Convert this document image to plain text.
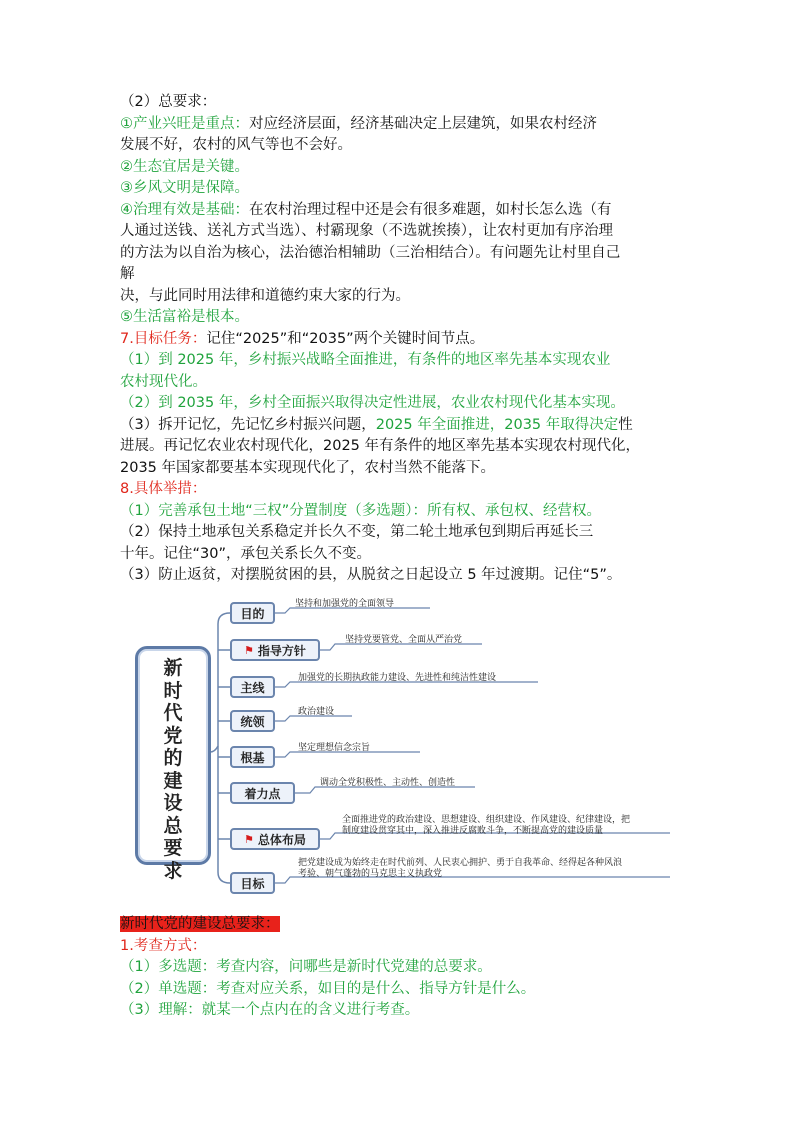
（2）总要求：
①产业兴旺是重点：对应经济层面，经济基础决定上层建筑，如果农村经济
发展不好，农村的风气等也不会好。
②生态宜居是关键。
③乡风文明是保障。
④治理有效是基础：在农村治理过程中还是会有很多难题，如村长怎么选（有
人通过送钱、送礼方式当选）、村霸现象（不选就挨揍），让农村更加有序治理
的方法为以自治为核心，法治德治相辅助（三治相结合）。有问题先让村里自己
解
决，与此同时用法律和道德约束大家的行为。
⑤生活富裕是根本。
7.目标任务：记住“2025”和“2035”两个关键时间节点。
（1）到 2025 年，乡村振兴战略全面推进，有条件的地区率先基本实现农业
农村现代化。
（2）到 2035 年，乡村全面振兴取得决定性进展，农业农村现代化基本实现。
（3）拆开记忆，先记忆乡村振兴问题，2025 年全面推进，2035 年取得决定性
进展。再记忆农业农村现代化，2025 年有条件的地区率先基本实现农村现代化，
2035 年国家都要基本实现现代化了，农村当然不能落下。
8.具体举措：
（1）完善承包土地“三权”分置制度（多选题）：所有权、承包权、经营权。
（2）保持土地承包关系稳定并长久不变，第二轮土地承包到期后再延长三
十年。记住“30”，承包关系长久不变。
（3）防止返贫，对摆脱贫困的县，从脱贫之日起设立 5 年过渡期。记住“5”。
新时代党的建设总要求
目的
坚持和加强党的全面领导
⚑ 指导方针
坚持党要管党、全面从严治党
主线
加强党的长期执政能力建设、先进性和纯洁性建设
统领
政治建设
根基
坚定理想信念宗旨
着力点
调动全党积极性、主动性、创造性
⚑ 总体布局
全面推进党的政治建设、思想建设、组织建设、作风建设、纪律建设，把
制度建设贯穿其中，深入推进反腐败斗争，不断提高党的建设质量
目标
把党建设成为始终走在时代前列、人民衷心拥护、勇于自我革命、经得起各种风浪
考验、朝气蓬勃的马克思主义执政党
新时代党的建设总要求：
1.考查方式：
（1）多选题：考查内容，问哪些是新时代党建的总要求。
（2）单选题：考查对应关系，如目的是什么、指导方针是什么。
（3）理解：就某一个点内在的含义进行考查。
